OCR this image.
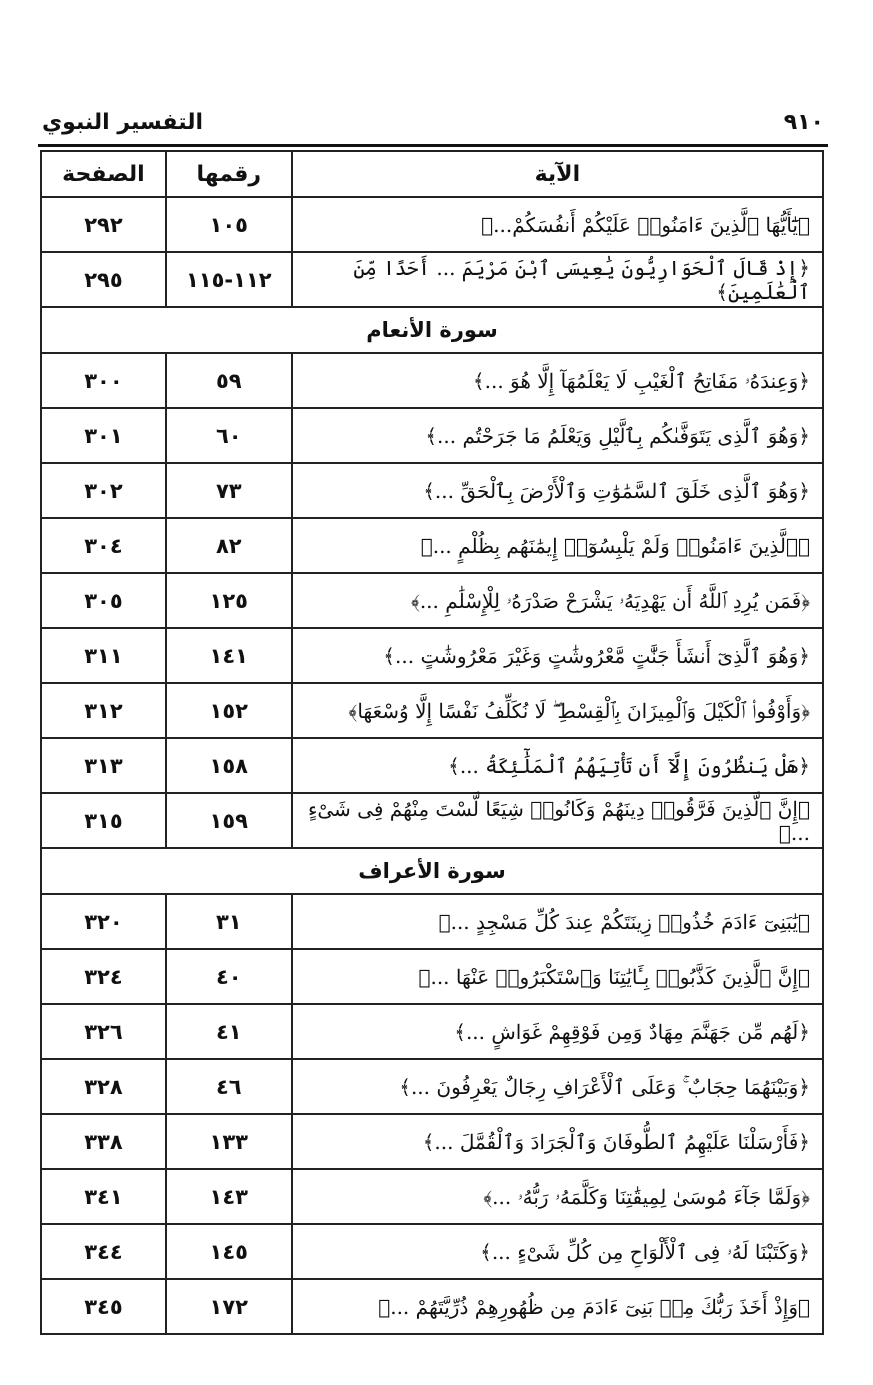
٩١٠
التفسير النبوي
الآية	رقمها	الصفحة
﴿يَٰٓأَيُّهَا ٱلَّذِينَ ءَامَنُوا۟ عَلَيْكُمْ أَنفُسَكُمْ...﴾	١٠٥	٢٩٢
﴿إِذْ قَالَ ٱلْحَوَارِيُّونَ يَٰعِيسَى ٱبْنَ مَرْيَمَ ... أَحَدًا مِّنَ ٱلْعَٰلَمِينَ﴾	١١٢-١١٥	٢٩٥
سورة الأنعام		
﴿وَعِندَهُۥ مَفَاتِحُ ٱلْغَيْبِ لَا يَعْلَمُهَآ إِلَّا هُوَ ...﴾	٥٩	٣٠٠
﴿وَهُوَ ٱلَّذِى يَتَوَفَّىٰكُم بِٱلَّيْلِ وَيَعْلَمُ مَا جَرَحْتُم ...﴾	٦٠	٣٠١
﴿وَهُوَ ٱلَّذِى خَلَقَ ٱلسَّمَٰوَٰتِ وَٱلْأَرْضَ بِٱلْحَقِّ ...﴾	٧٣	٣٠٢
﴿ٱلَّذِينَ ءَامَنُوا۟ وَلَمْ يَلْبِسُوٓا۟ إِيمَٰنَهُم بِظُلْمٍ ...﴾	٨٢	٣٠٤
﴿فَمَن يُرِدِ ٱللَّهُ أَن يَهْدِيَهُۥ يَشْرَحْ صَدْرَهُۥ لِلْإِسْلَٰمِ ...﴾	١٢٥	٣٠٥
﴿وَهُوَ ٱلَّذِىٓ أَنشَأَ جَنَّٰتٍ مَّعْرُوشَٰتٍ وَغَيْرَ مَعْرُوشَٰتٍ ...﴾	١٤١	٣١١
﴿وَأَوْفُوا۟ ٱلْكَيْلَ وَٱلْمِيزَانَ بِٱلْقِسْطِ ۖ لَا نُكَلِّفُ نَفْسًا إِلَّا وُسْعَهَا﴾	١٥٢	٣١٢
﴿هَلْ يَنظُرُونَ إِلَّآ أَن تَأْتِيَهُمُ ٱلْمَلَٰٓئِكَةُ ...﴾	١٥٨	٣١٣
﴿إِنَّ ٱلَّذِينَ فَرَّقُوا۟ دِينَهُمْ وَكَانُوا۟ شِيَعًا لَّسْتَ مِنْهُمْ فِى شَىْءٍ ...﴾	١٥٩	٣١٥
سورة الأعراف		
﴿يَٰبَنِىٓ ءَادَمَ خُذُوا۟ زِينَتَكُمْ عِندَ كُلِّ مَسْجِدٍ ...﴾	٣١	٣٢٠
﴿إِنَّ ٱلَّذِينَ كَذَّبُوا۟ بِـَٔايَٰتِنَا وَٱسْتَكْبَرُوا۟ عَنْهَا ...﴾	٤٠	٣٢٤
﴿لَهُم مِّن جَهَنَّمَ مِهَادٌ وَمِن فَوْقِهِمْ غَوَاشٍ ...﴾	٤١	٣٢٦
﴿وَبَيْنَهُمَا حِجَابٌ ۚ وَعَلَى ٱلْأَعْرَافِ رِجَالٌ يَعْرِفُونَ ...﴾	٤٦	٣٢٨
﴿فَأَرْسَلْنَا عَلَيْهِمُ ٱلطُّوفَانَ وَٱلْجَرَادَ وَٱلْقُمَّلَ ...﴾	١٣٣	٣٣٨
﴿وَلَمَّا جَآءَ مُوسَىٰ لِمِيقَٰتِنَا وَكَلَّمَهُۥ رَبُّهُۥ ...﴾	١٤٣	٣٤١
﴿وَكَتَبْنَا لَهُۥ فِى ٱلْأَلْوَاحِ مِن كُلِّ شَىْءٍ ...﴾	١٤٥	٣٤٤
﴿وَإِذْ أَخَذَ رَبُّكَ مِنۢ بَنِىٓ ءَادَمَ مِن ظُهُورِهِمْ ذُرِّيَّتَهُمْ ...﴾	١٧٢	٣٤٥
